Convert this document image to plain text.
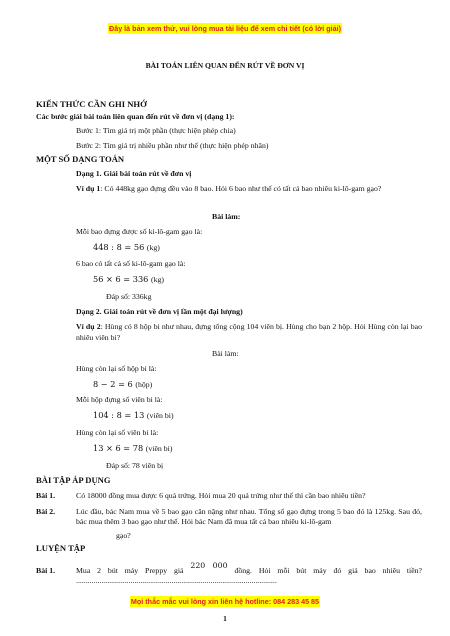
Đây là bản xem thử, vui lòng mua tài liệu để xem chi tiết (có lời giải)
BÀI TOÁN LIÊN QUAN ĐẾN RÚT VỀ ĐƠN VỊ
KIẾN THỨC CẦN GHI NHỚ
Các bước giải bài toán liên quan đến rút về đơn vị (dạng 1):
Bước 1: Tìm giá trị một phần (thực hiện phép chia)
Bước 2: Tìm giá trị nhiều phần như thế (thực hiện phép nhân)
MỘT SỐ DẠNG TOÁN
Dạng 1. Giải bài toán rút về đơn vị
Ví dụ 1: Có 448kg gạo đựng đều vào 8 bao. Hỏi 6 bao như thế có tất cả bao nhiêu ki-lô-gam gạo?
Bài làm:
Mỗi bao đựng được số ki-lô-gam gạo là:
448 : 8 = 56 (kg)
6 bao có tất cả số ki-lô-gam gạo là:
56 × 6 = 336 (kg)
Đáp số: 336kg
Dạng 2. Giải toán rút về đơn vị lần một đại lượng)
Ví dụ 2: Hùng có 8 hộp bi như nhau, đựng tổng cộng 104 viên bị. Hùng cho bạn 2 hộp. Hỏi Hùng còn lại bao nhiêu viên bi?
Bài làm:
Hùng còn lại số hộp bi là:
8 − 2 = 6 (hộp)
Mỗi hộp đựng số viên bi là:
104 : 8 = 13 (viên bi)
Hùng còn lại số viên bi là:
13 × 6 = 78 (viên bi)
Đáp số: 78 viên bị
BÀI TẬP ÁP DỤNG
Bài 1.	Có 18000 đồng mua được 6 quả trứng. Hỏi mua 20 quả trứng như thế thì cần bao nhiêu tiền?
Bài 2.	Lúc đầu, bác Nam mua về 5 bao gạo cân nặng như nhau. Tổng số gạo đựng trong 5 bao đó là 125kg. Sau đó, bác mua thêm 3 bao gạo như thế. Hỏi bác Nam đã mua tất cả bao nhiêu ki-lô-gam
gạo?
LUYỆN TẬP
Bài 1.	Mua 2 bút máy Preppy giá 220 000 đồng. Hỏi mỗi bút máy đó giá bao nhiêu tiền? .......................................................................................................
Mọi thắc mắc vui lòng xin liên hệ hotline: 084 283 45 85
1
